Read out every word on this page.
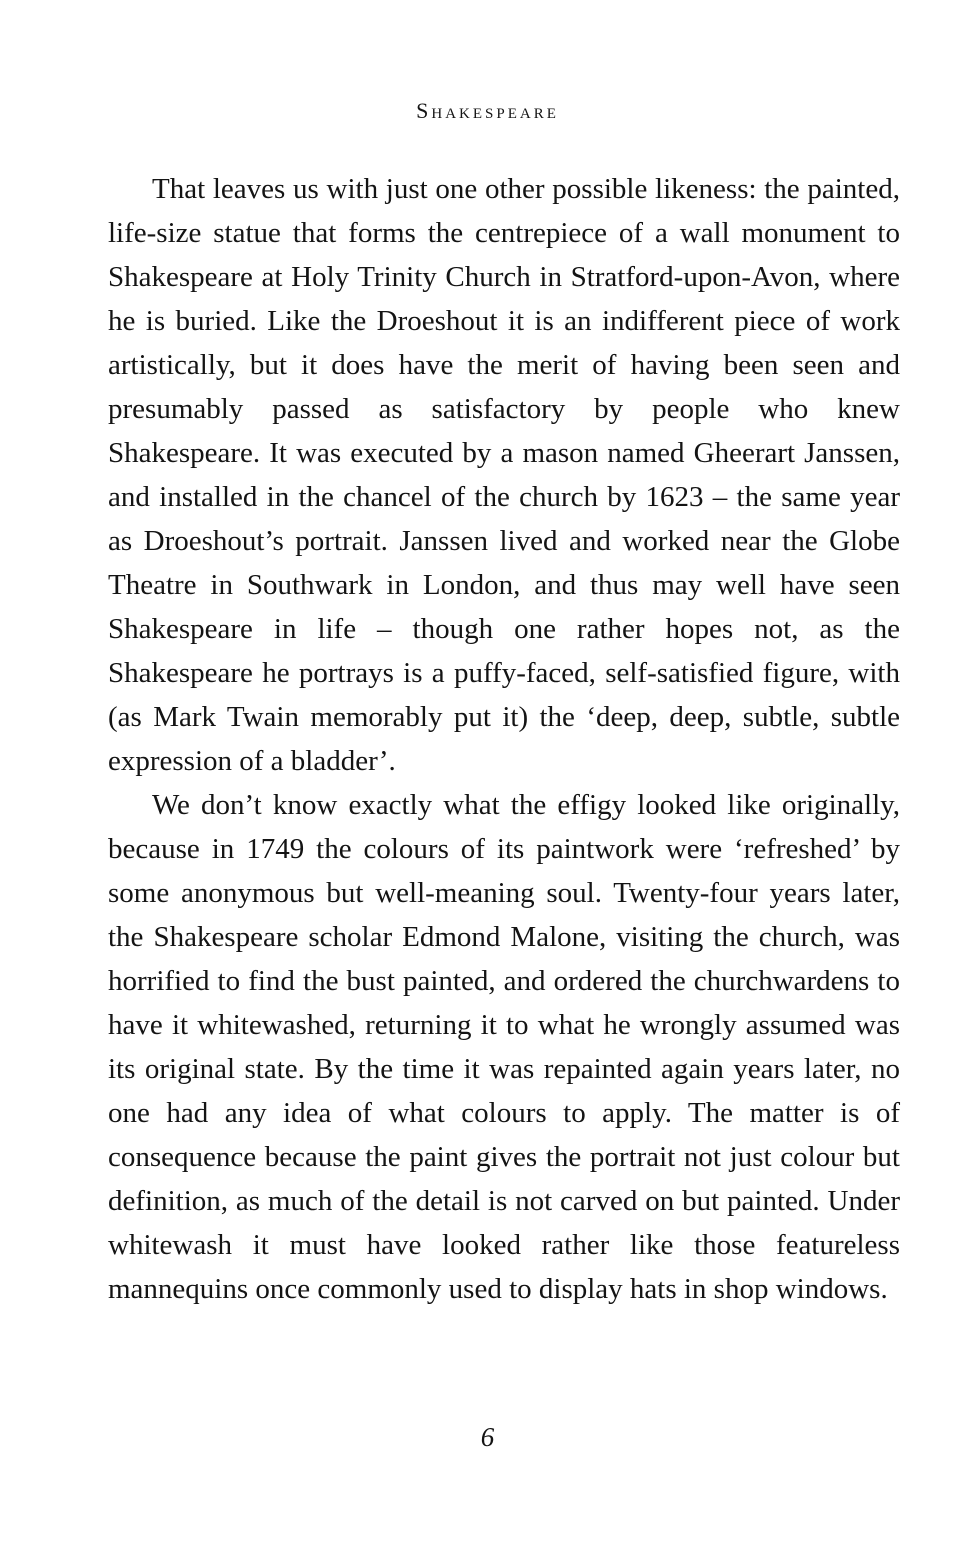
Shakespeare

That leaves us with just one other possible likeness: the painted, life-size statue that forms the centrepiece of a wall monument to Shakespeare at Holy Trinity Church in Stratford-upon-Avon, where he is buried. Like the Droeshout it is an indifferent piece of work artistically, but it does have the merit of having been seen and presumably passed as satisfactory by people who knew Shakespeare. It was executed by a mason named Gheerart Janssen, and installed in the chancel of the church by 1623 – the same year as Droeshout’s portrait. Janssen lived and worked near the Globe Theatre in Southwark in London, and thus may well have seen Shakespeare in life – though one rather hopes not, as the Shakespeare he portrays is a puffy-faced, self-satisfied figure, with (as Mark Twain memorably put it) the ‘deep, deep, subtle, subtle expression of a bladder’.

We don’t know exactly what the effigy looked like originally, because in 1749 the colours of its paintwork were ‘refreshed’ by some anonymous but well-meaning soul. Twenty-four years later, the Shakespeare scholar Edmond Malone, visiting the church, was horrified to find the bust painted, and ordered the churchwardens to have it whitewashed, returning it to what he wrongly assumed was its original state. By the time it was repainted again years later, no one had any idea of what colours to apply. The matter is of consequence because the paint gives the portrait not just colour but definition, as much of the detail is not carved on but painted. Under whitewash it must have looked rather like those featureless mannequins once commonly used to display hats in shop windows.

6
